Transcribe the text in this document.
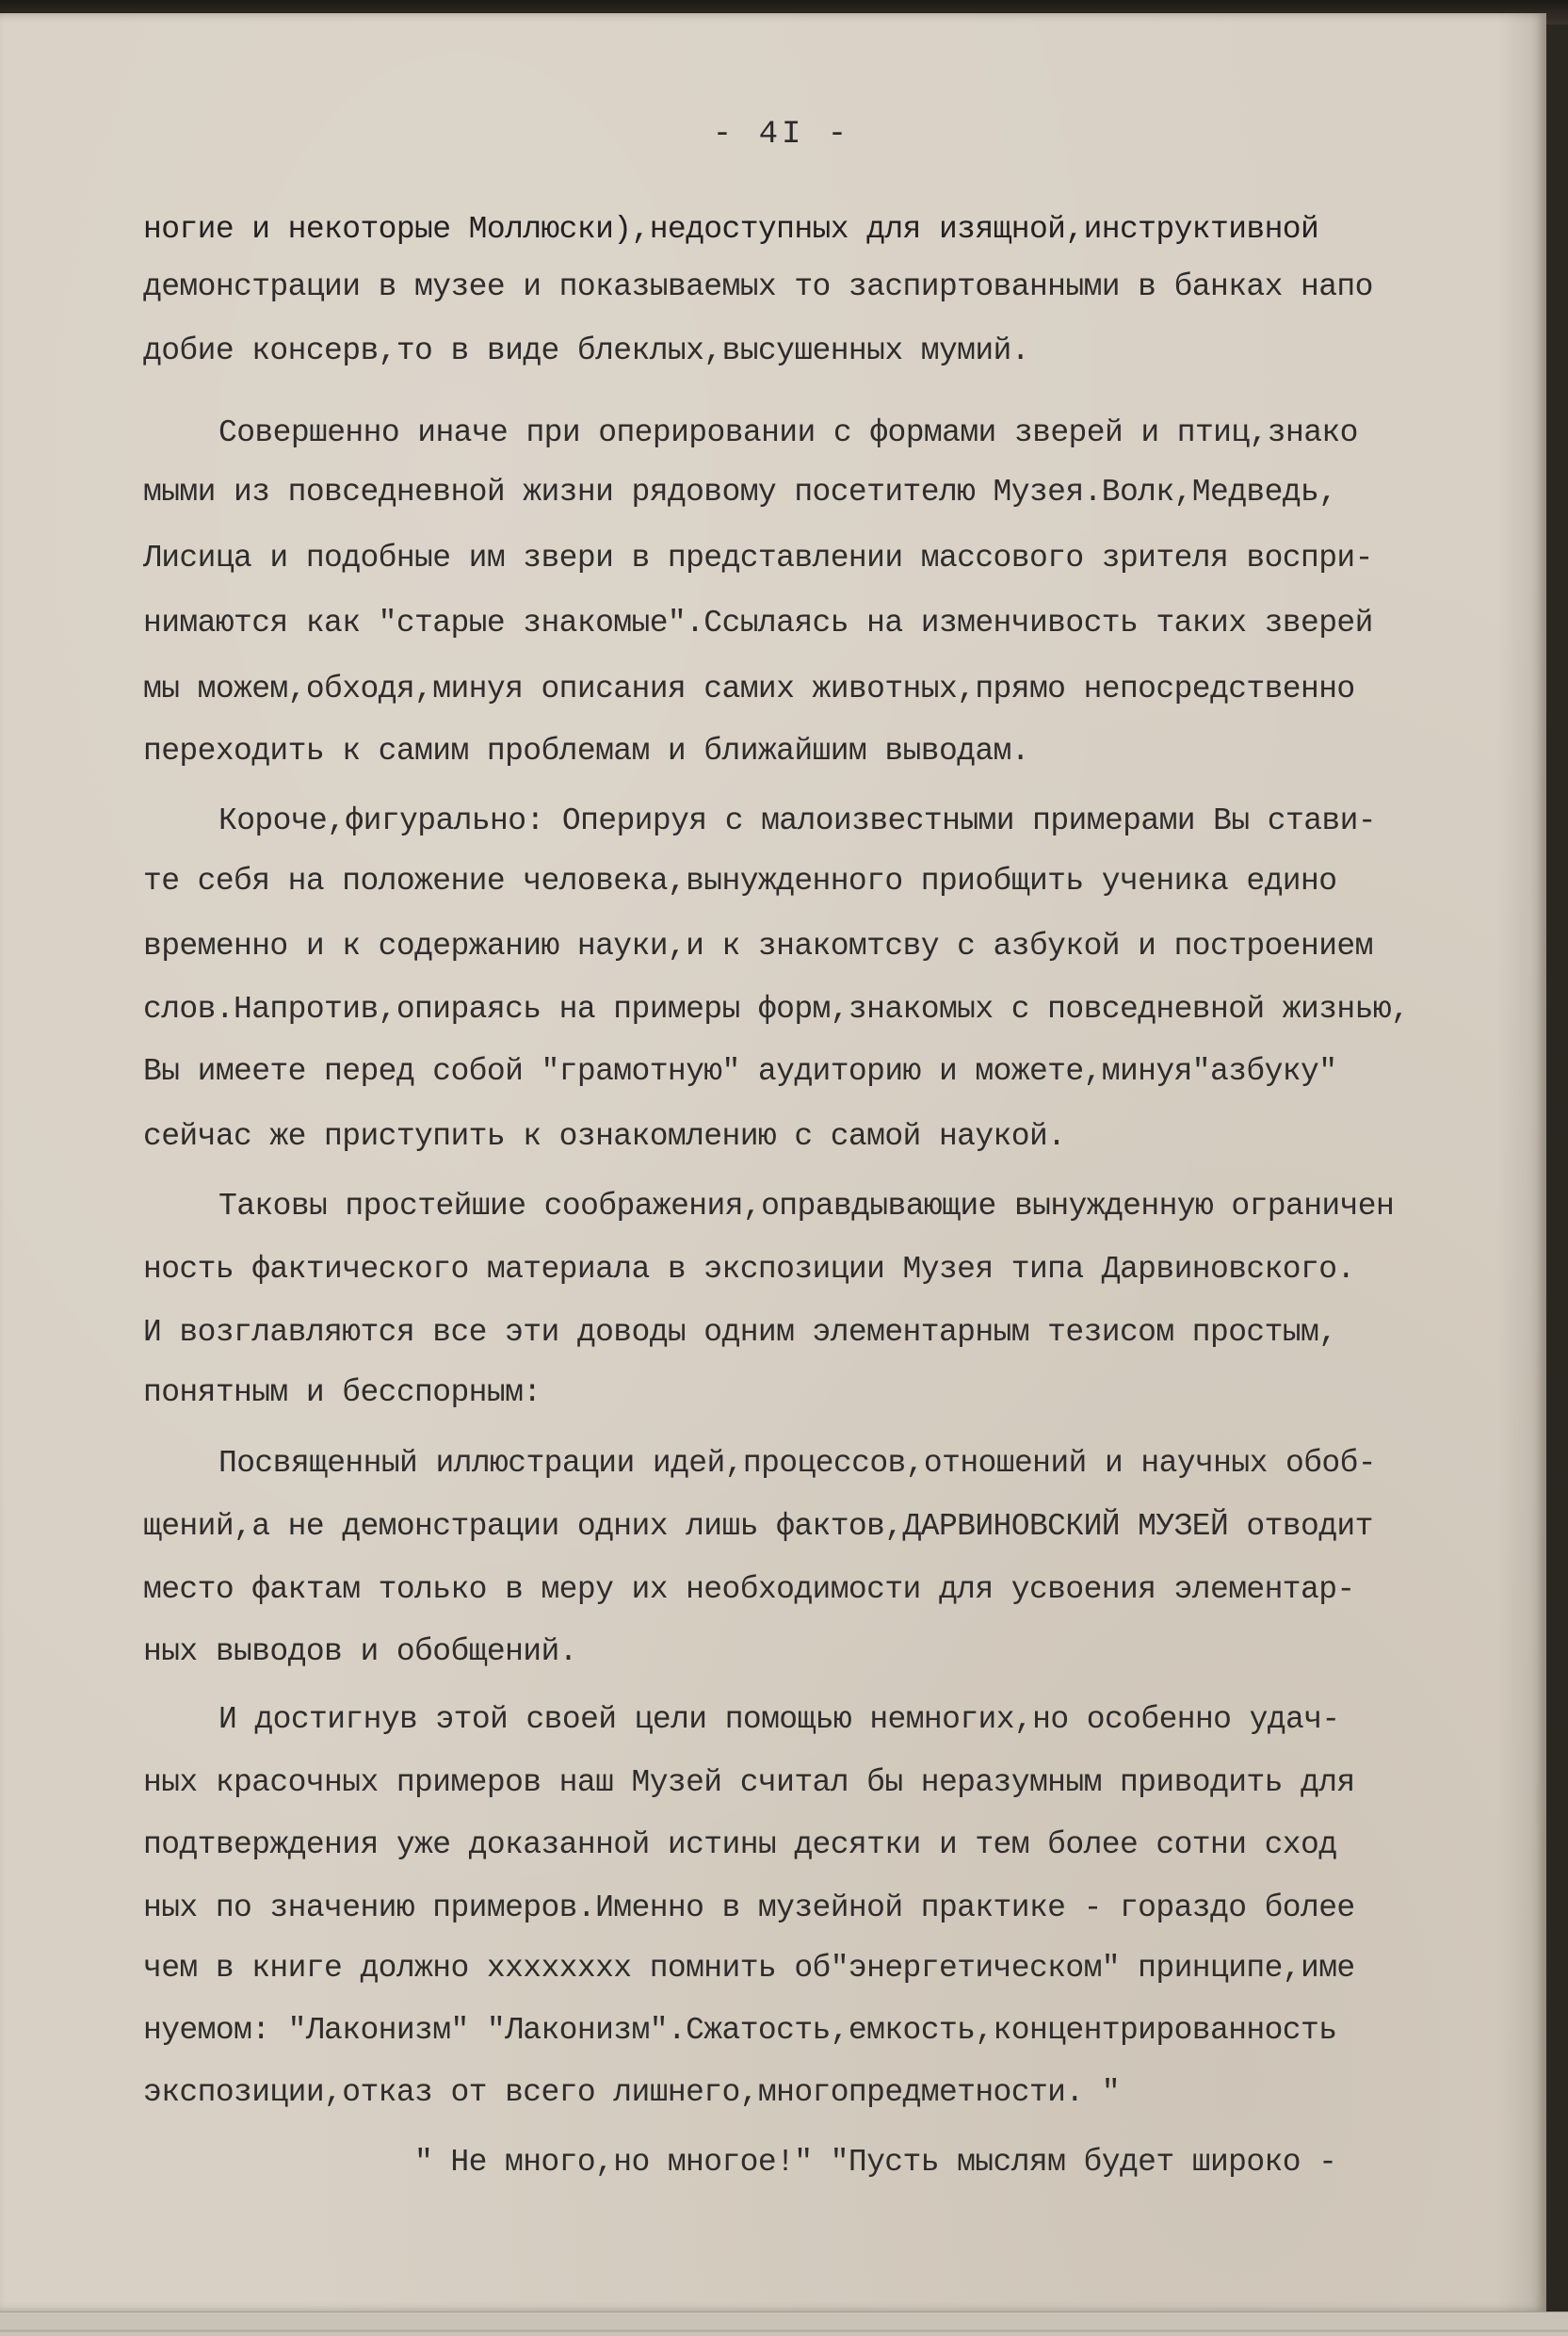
- 4I -
ногие и некоторые Моллюски),недоступных для изящной,инструктивной
демонстрации в музее и показываемых то заспиртованными в банках напо
добие консерв,то в виде блеклых,высушенных мумий.
Совершенно иначе при оперировании с формами зверей и птиц,знако
мыми из повседневной жизни рядовому посетителю Музея.Волк,Медведь,
Лисица и подобные им звери в представлении массового зрителя воспри-
нимаются как "старые знакомые".Ссылаясь на изменчивость таких зверей
мы можем,обходя,минуя описания самих животных,прямо непосредственно
переходить к самим проблемам и ближайшим выводам.
Короче,фигурально: Оперируя с малоизвестными примерами Вы стави-
те себя на положение человека,вынужденного приобщить ученика едино
временно и к содержанию науки,и к знакомтсву с азбукой и построением
слов.Напротив,опираясь на примеры форм,знакомых с повседневной жизнью,
Вы имеете перед собой "грамотную" аудиторию и можете,минуя"азбуку"
сейчас же приступить к ознакомлению с самой наукой.
Таковы простейшие соображения,оправдывающие вынужденную ограничен
ность фактического материала в экспозиции Музея типа Дарвиновского.
И возглавляются все эти доводы одним элементарным тезисом простым,
понятным и бесспорным:
Посвященный иллюстрации идей,процессов,отношений и научных обоб-
щений,а не демонстрации одних лишь фактов,ДАРВИНОВСКИЙ МУЗЕЙ отводит
место фактам только в меру их необходимости для усвоения элементар-
ных выводов и обобщений.
И достигнув этой своей цели помощью немногих,но особенно удач-
ных красочных примеров наш Музей считал бы неразумным приводить для
подтверждения уже доказанной истины десятки и тем более сотни сход
ных по значению примеров.Именно в музейной практике - гораздо более
чем в книге должно хххххххх помнить об"энергетическом" принципе,име
нуемом: "Лаконизм" "Лаконизм".Сжатость,емкость,концентрированность
экспозиции,отказ от всего лишнего,многопредметности. "
" Не много,но многое!" "Пусть мыслям будет широко -
